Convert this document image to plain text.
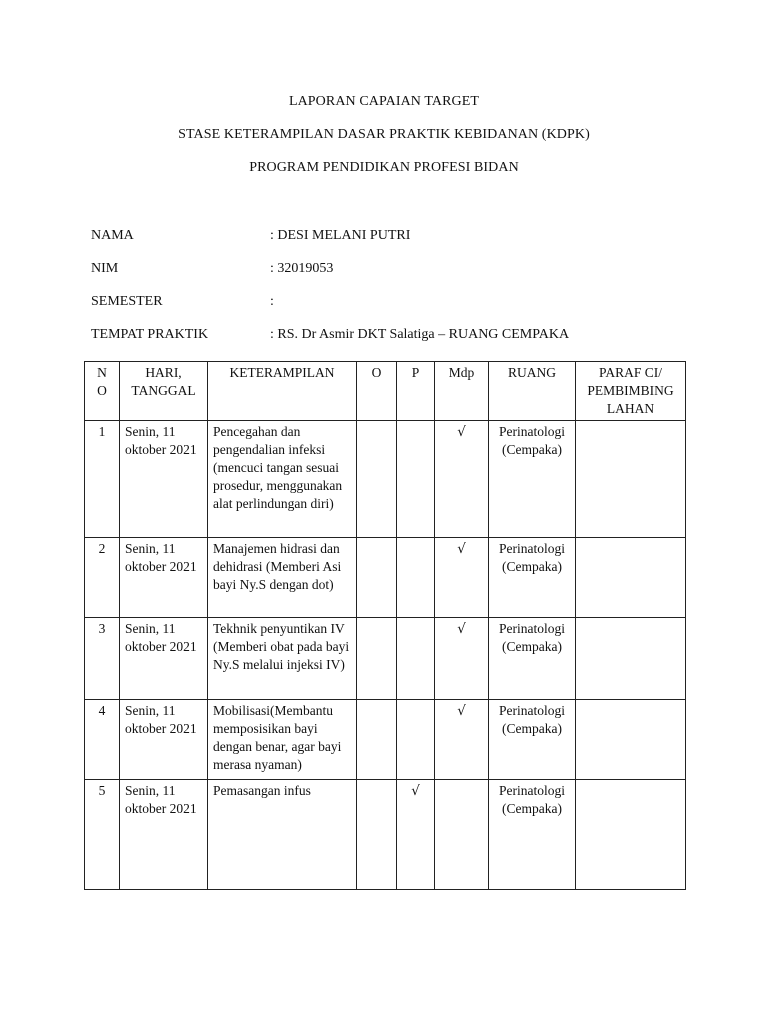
LAPORAN CAPAIAN TARGET
STASE KETERAMPILAN DASAR PRAKTIK KEBIDANAN (KDPK)
PROGRAM PENDIDIKAN PROFESI BIDAN
NAMA	: DESI MELANI PUTRI
NIM	: 32019053
SEMESTER	:
TEMPAT PRAKTIK	: RS. Dr Asmir DKT Salatiga – RUANG CEMPAKA
N O	HARI, TANGGAL	KETERAMPILAN	O	P	Mdp	RUANG	PARAF CI/ PEMBIMBING LAHAN
1	Senin, 11 oktober 2021	Pencegahan dan pengendalian infeksi (mencuci tangan sesuai prosedur, menggunakan alat perlindungan diri)			√	Perinatologi (Cempaka)	
2	Senin, 11 oktober 2021	Manajemen hidrasi dan dehidrasi (Memberi Asi bayi Ny.S dengan dot)			√	Perinatologi (Cempaka)	
3	Senin, 11 oktober 2021	Tekhnik penyuntikan IV (Memberi obat pada bayi Ny.S melalui injeksi IV)			√	Perinatologi (Cempaka)	
4	Senin, 11 oktober 2021	Mobilisasi(Membantu memposisikan bayi dengan benar, agar bayi merasa nyaman)			√	Perinatologi (Cempaka)	
5	Senin, 11 oktober 2021	Pemasangan infus		√		Perinatologi (Cempaka)	
